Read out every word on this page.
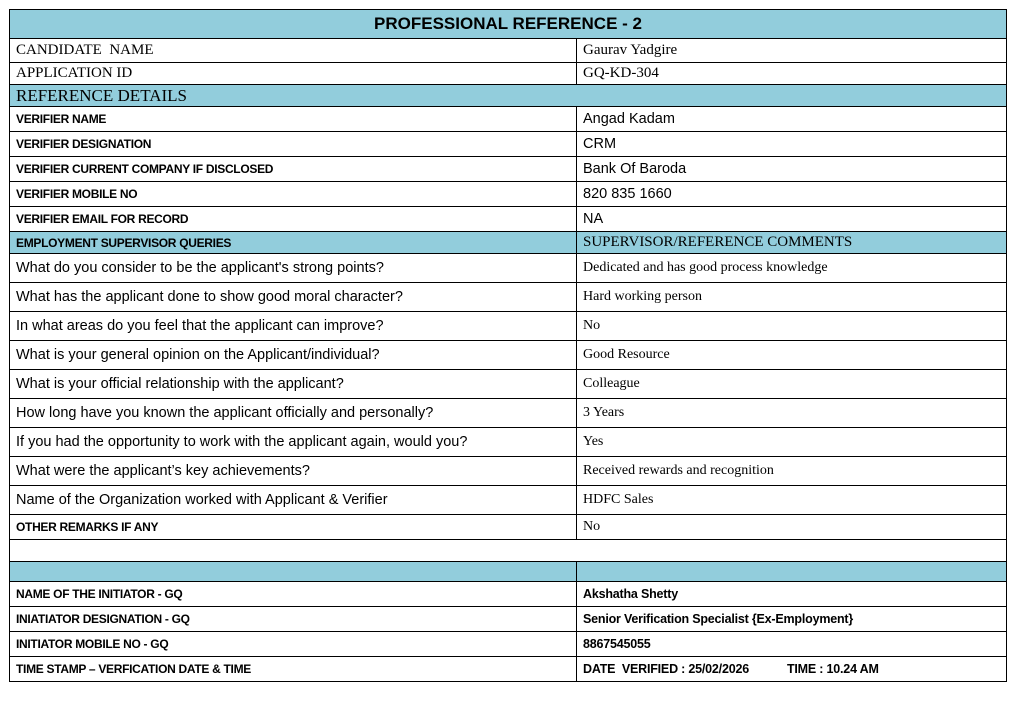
PROFESSIONAL REFERENCE - 2	
CANDIDATE  NAME	Gaurav Yadgire
APPLICATION ID	GQ-KD-304
REFERENCE DETAILS	
VERIFIER NAME	Angad Kadam
VERIFIER DESIGNATION	CRM
VERIFIER CURRENT COMPANY IF DISCLOSED	Bank Of Baroda
VERIFIER MOBILE NO	820 835 1660
VERIFIER EMAIL FOR RECORD	NA
EMPLOYMENT SUPERVISOR QUERIES	SUPERVISOR/REFERENCE COMMENTS
What do you consider to be the applicant's strong points?	Dedicated and has good process knowledge
What has the applicant done to show good moral character?	Hard working person
In what areas do you feel that the applicant can improve?	No
What is your general opinion on the Applicant/individual?	Good Resource
What is your official relationship with the applicant?	Colleague
How long have you known the applicant officially and personally?	3 Years
If you had the opportunity to work with the applicant again, would you?	Yes
What were the applicant’s key achievements?	Received rewards and recognition
Name of the Organization worked with Applicant & Verifier	HDFC Sales
OTHER REMARKS IF ANY	No

NAME OF THE INITIATOR - GQ	Akshatha Shetty
INIATIATOR DESIGNATION - GQ	Senior Verification Specialist {Ex-Employment}
INITIATOR MOBILE NO - GQ	8867545055
TIME STAMP – VERFICATION DATE & TIME	DATE  VERIFIED : 25/02/2026 TIME : 10.24 AM
